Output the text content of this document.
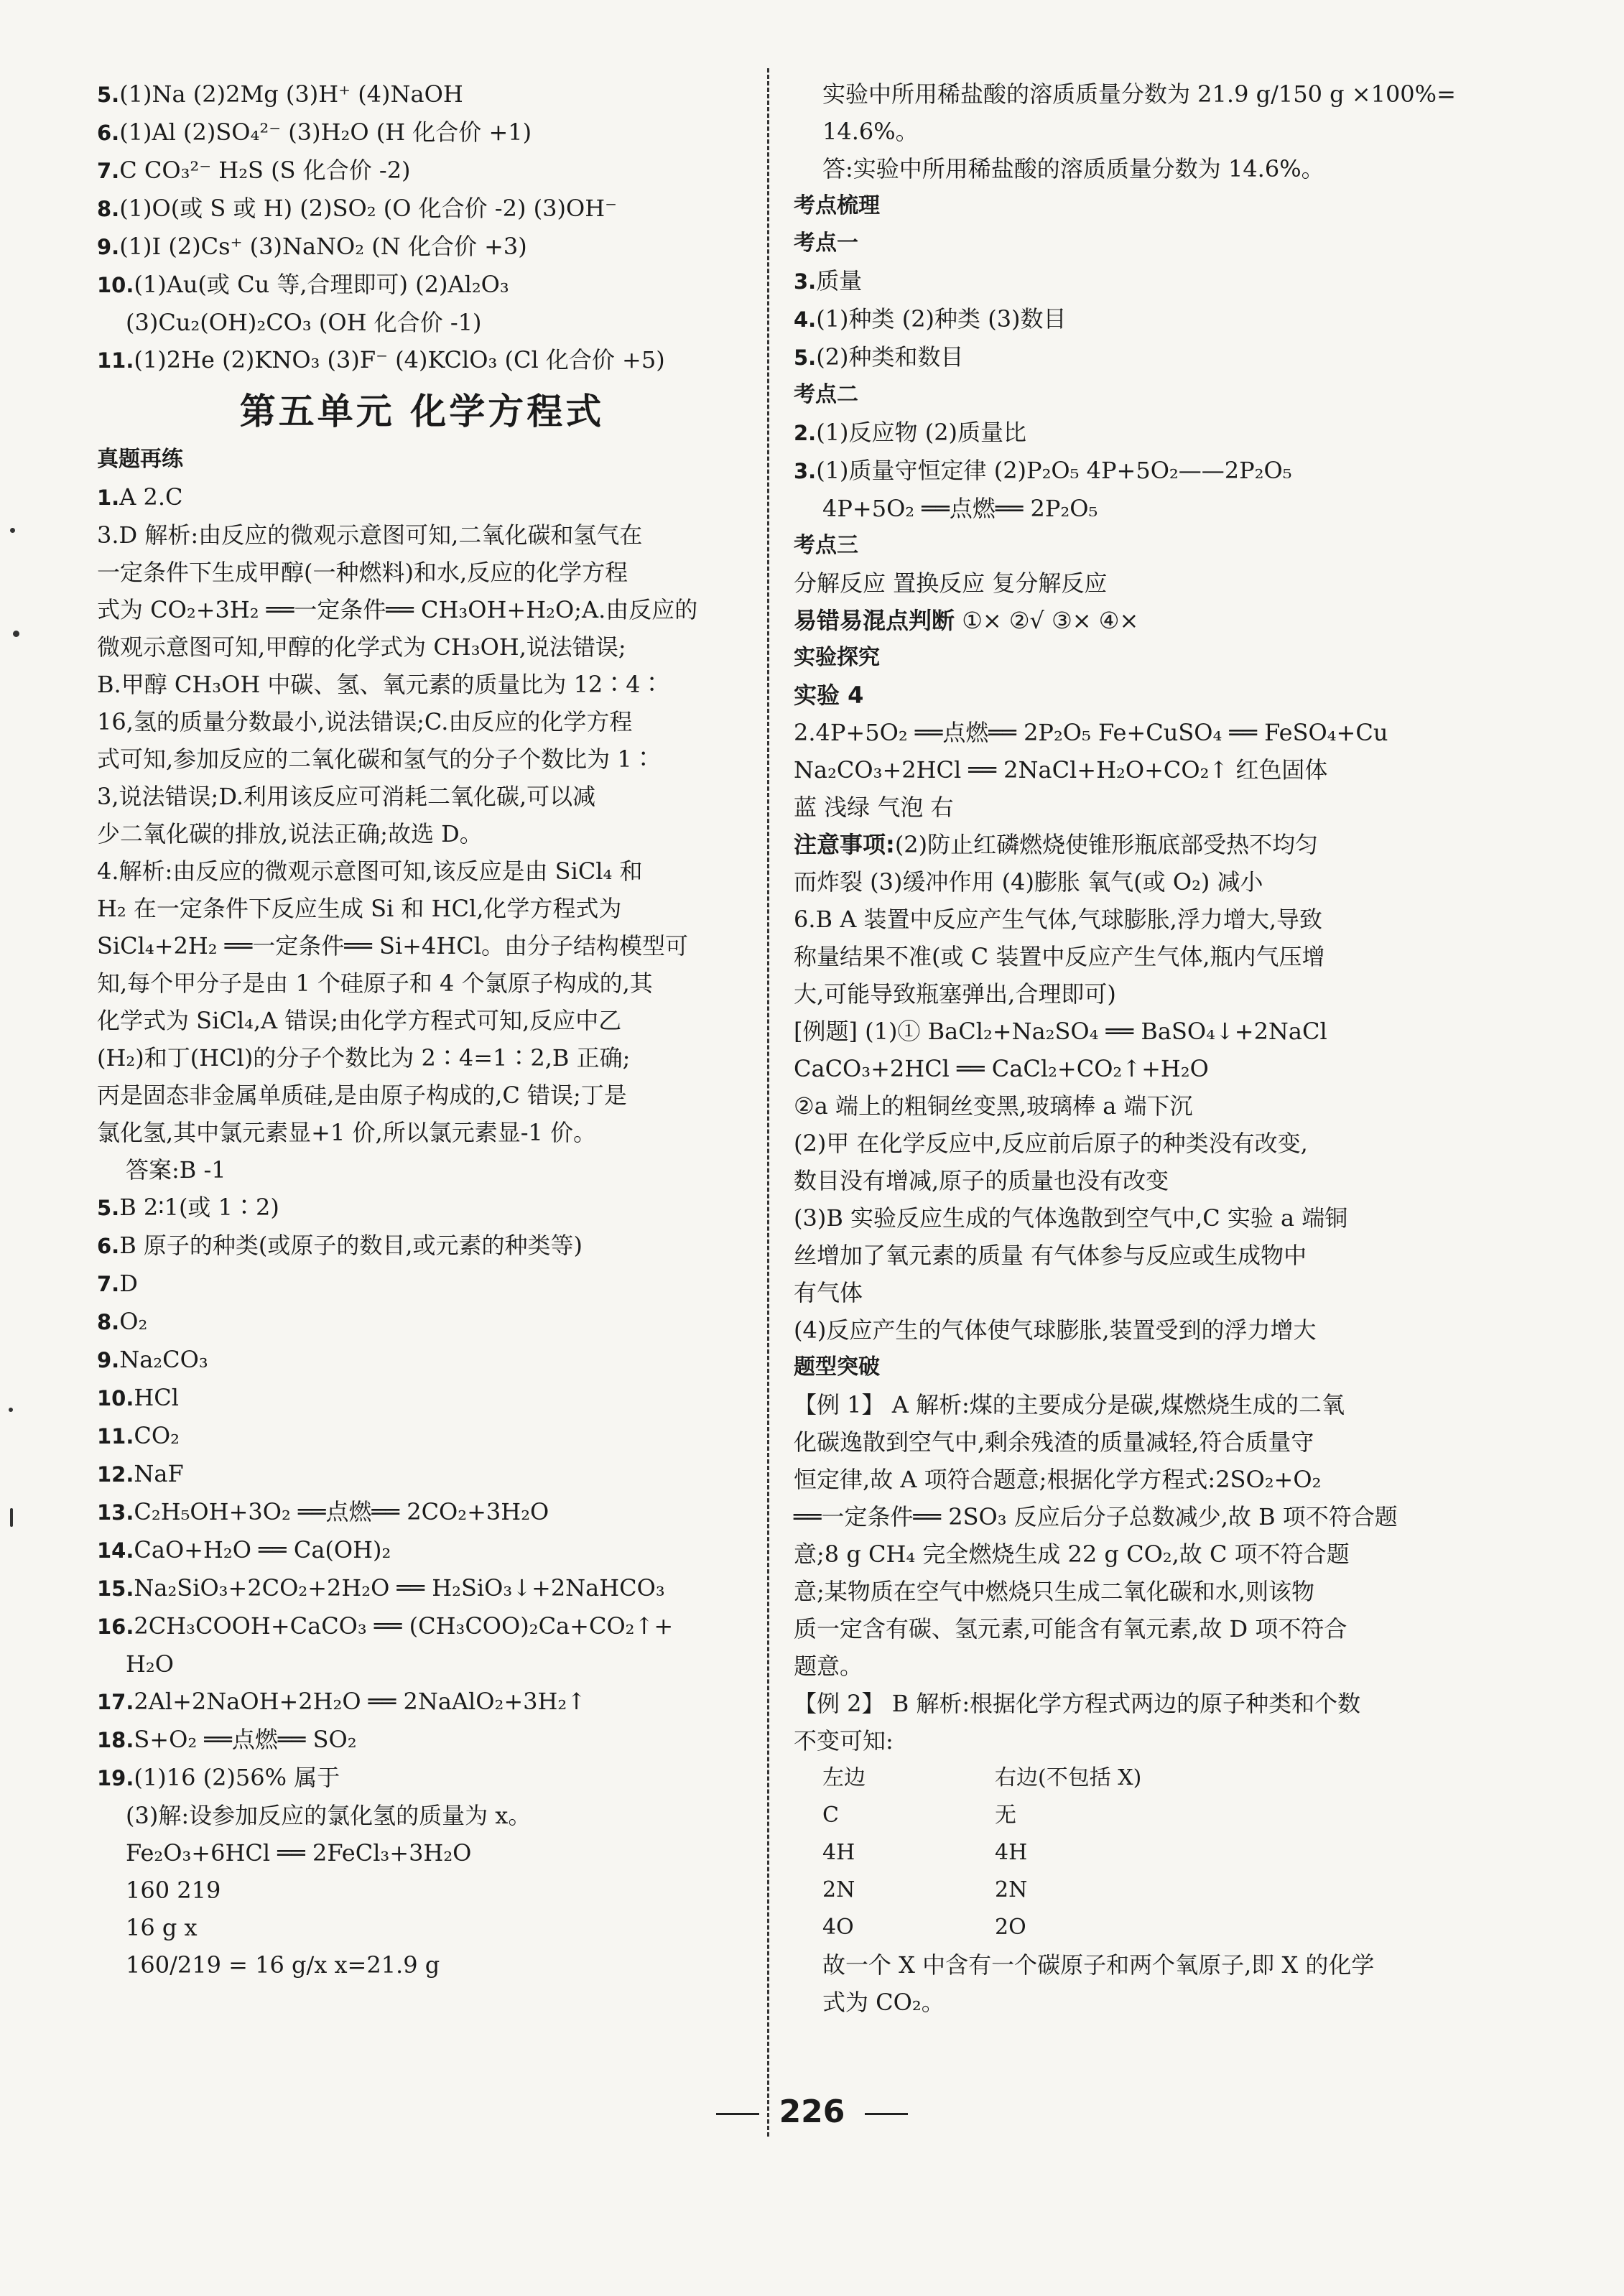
5.(1)Na (2)2Mg (3)H⁺ (4)NaOH
6.(1)Al (2)SO₄²⁻ (3)H₂O (H 化合价 +1)
7.C CO₃²⁻ H₂S (S 化合价 -2)
8.(1)O(或 S 或 H) (2)SO₂ (O 化合价 -2) (3)OH⁻
9.(1)I (2)Cs⁺ (3)NaNO₂ (N 化合价 +3)
10.(1)Au(或 Cu 等,合理即可) (2)Al₂O₃
(3)Cu₂(OH)₂CO₃ (OH 化合价 -1)
11.(1)2He (2)KNO₃ (3)F⁻ (4)KClO₃ (Cl 化合价 +5)
第五单元 化学方程式
真题再练
1.A 2.C
3.D 解析:由反应的微观示意图可知,二氧化碳和氢气在
一定条件下生成甲醇(一种燃料)和水,反应的化学方程
式为 CO₂+3H₂ ══一定条件══ CH₃OH+H₂O;A.由反应的
微观示意图可知,甲醇的化学式为 CH₃OH,说法错误;
B.甲醇 CH₃OH 中碳、氢、氧元素的质量比为 12∶4∶
16,氢的质量分数最小,说法错误;C.由反应的化学方程
式可知,参加反应的二氧化碳和氢气的分子个数比为 1∶
3,说法错误;D.利用该反应可消耗二氧化碳,可以减
少二氧化碳的排放,说法正确;故选 D。
4.解析:由反应的微观示意图可知,该反应是由 SiCl₄ 和
H₂ 在一定条件下反应生成 Si 和 HCl,化学方程式为
SiCl₄+2H₂ ══一定条件══ Si+4HCl。由分子结构模型可
知,每个甲分子是由 1 个硅原子和 4 个氯原子构成的,其
化学式为 SiCl₄,A 错误;由化学方程式可知,反应中乙
(H₂)和丁(HCl)的分子个数比为 2∶4=1∶2,B 正确;
丙是固态非金属单质硅,是由原子构成的,C 错误;丁是
氯化氢,其中氯元素显+1 价,所以氯元素显-1 价。
答案:B -1
5.B 2∶1(或 1∶2)
6.B 原子的种类(或原子的数目,或元素的种类等)
7.D
8.O₂
9.Na₂CO₃
10.HCl
11.CO₂
12.NaF
13.C₂H₅OH+3O₂ ══点燃══ 2CO₂+3H₂O
14.CaO+H₂O ══ Ca(OH)₂
15.Na₂SiO₃+2CO₂+2H₂O ══ H₂SiO₃↓+2NaHCO₃
16.2CH₃COOH+CaCO₃ ══ (CH₃COO)₂Ca+CO₂↑+
H₂O
17.2Al+2NaOH+2H₂O ══ 2NaAlO₂+3H₂↑
18.S+O₂ ══点燃══ SO₂
19.(1)16 (2)56% 属于
(3)解:设参加反应的氯化氢的质量为 x。
Fe₂O₃+6HCl ══ 2FeCl₃+3H₂O
160 219
16 g x
160/219 = 16 g/x x=21.9 g
实验中所用稀盐酸的溶质质量分数为 21.9 g/150 g ×100%=
14.6%。
答:实验中所用稀盐酸的溶质质量分数为 14.6%。
考点梳理
考点一
3.质量
4.(1)种类 (2)种类 (3)数目
5.(2)种类和数目
考点二
2.(1)反应物 (2)质量比
3.(1)质量守恒定律 (2)P₂O₅ 4P+5O₂——2P₂O₅
4P+5O₂ ══点燃══ 2P₂O₅
考点三
分解反应 置换反应 复分解反应
易错易混点判断 ①× ②√ ③× ④×
实验探究
实验 4
2.4P+5O₂ ══点燃══ 2P₂O₅ Fe+CuSO₄ ══ FeSO₄+Cu
Na₂CO₃+2HCl ══ 2NaCl+H₂O+CO₂↑ 红色固体
蓝 浅绿 气泡 右
注意事项:(2)防止红磷燃烧使锥形瓶底部受热不均匀
而炸裂 (3)缓冲作用 (4)膨胀 氧气(或 O₂) 减小
6.B A 装置中反应产生气体,气球膨胀,浮力增大,导致
称量结果不准(或 C 装置中反应产生气体,瓶内气压增
大,可能导致瓶塞弹出,合理即可)
[例题] (1)① BaCl₂+Na₂SO₄ ══ BaSO₄↓+2NaCl
CaCO₃+2HCl ══ CaCl₂+CO₂↑+H₂O
②a 端上的粗铜丝变黑,玻璃棒 a 端下沉
(2)甲 在化学反应中,反应前后原子的种类没有改变,
数目没有增减,原子的质量也没有改变
(3)B 实验反应生成的气体逸散到空气中,C 实验 a 端铜
丝增加了氧元素的质量 有气体参与反应或生成物中
有气体
(4)反应产生的气体使气球膨胀,装置受到的浮力增大
题型突破
【例 1】 A 解析:煤的主要成分是碳,煤燃烧生成的二氧
化碳逸散到空气中,剩余残渣的质量减轻,符合质量守
恒定律,故 A 项符合题意;根据化学方程式:2SO₂+O₂
══一定条件══ 2SO₃ 反应后分子总数减少,故 B 项不符合题
意;8 g CH₄ 完全燃烧生成 22 g CO₂,故 C 项不符合题
意;某物质在空气中燃烧只生成二氧化碳和水,则该物
质一定含有碳、氢元素,可能含有氧元素,故 D 项不符合
题意。
【例 2】 B 解析:根据化学方程式两边的原子种类和个数
不变可知:
左边	右边(不包括 X)
C	无
4H	4H
2N	2N
4O	2O
故一个 X 中含有一个碳原子和两个氧原子,即 X 的化学
式为 CO₂。
226
